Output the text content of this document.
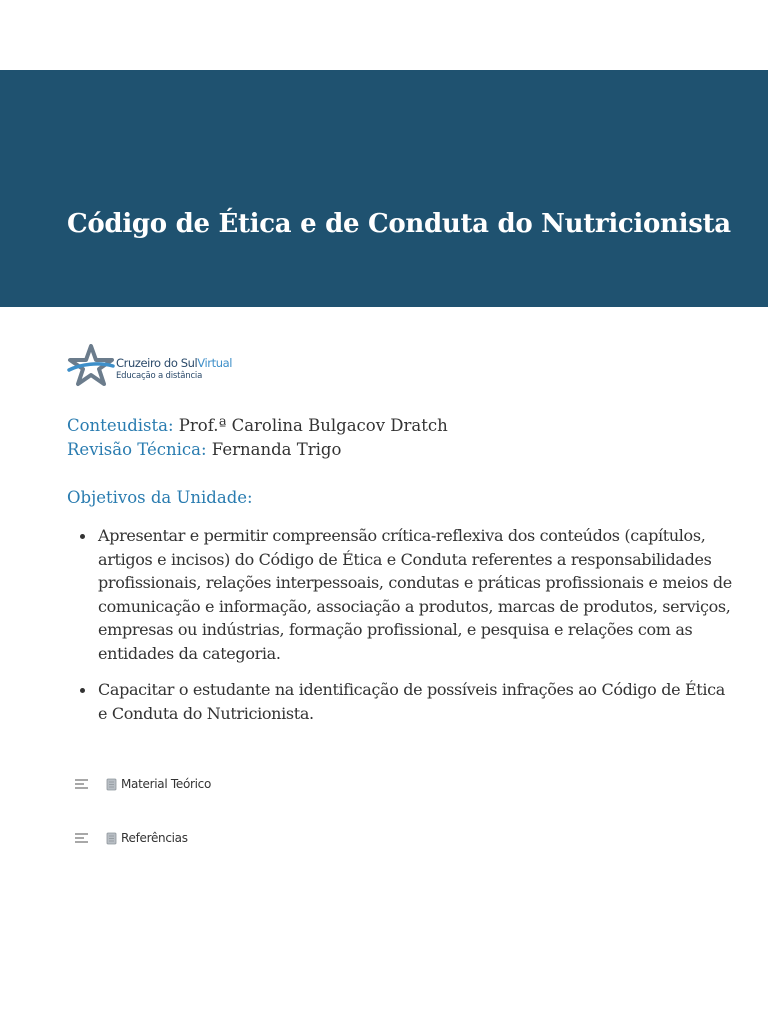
Código de Ética e de Conduta do Nutricionista
Cruzeiro do SulVirtual
Educação a distância
Conteudista: Prof.ª Carolina Bulgacov Dratch
Revisão Técnica: Fernanda Trigo
Objetivos da Unidade:
Apresentar e permitir compreensão crítica-reflexiva dos conteúdos (capítulos, artigos e incisos) do Código de Ética e Conduta referentes a responsabilidades profissionais, relações interpessoais, condutas e práticas profissionais e meios de comunicação e informação, associação a produtos, marcas de produtos, serviços, empresas ou indústrias, formação profissional, e pesquisa e relações com as entidades da categoria.
Capacitar o estudante na identificação de possíveis infrações ao Código de Ética e Conduta do Nutricionista.
Material Teórico
Referências
